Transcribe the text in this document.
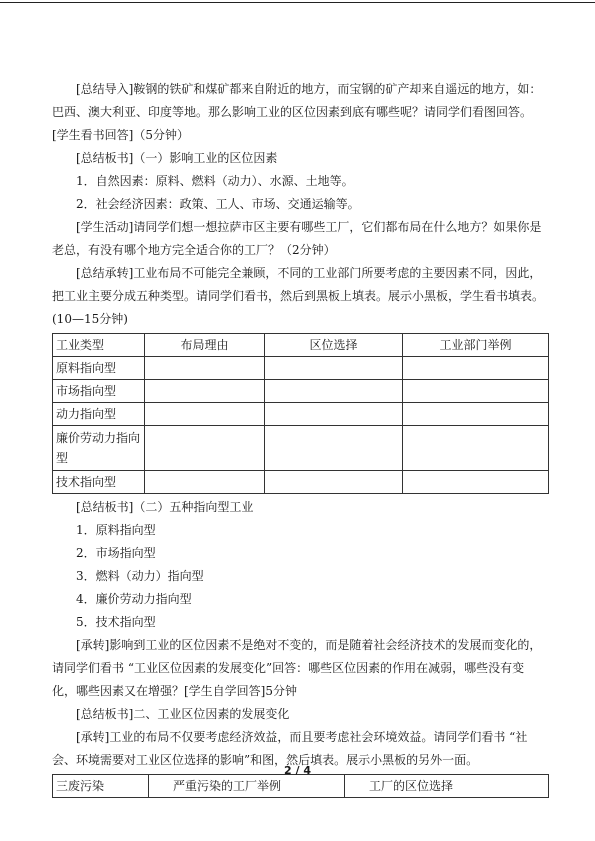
[总结导入]鞍钢的铁矿和煤矿都来自附近的地方，而宝钢的矿产却来自遥远的地方，如：巴西、澳大利亚、印度等地。那么影响工业的区位因素到底有哪些呢？请同学们看图回答。[学生看书回答]（5分钟）

[总结板书]（一）影响工业的区位因素

1．自然因素：原料、燃料（动力）、水源、土地等。

2．社会经济因素：政策、工人、市场、交通运输等。

[学生活动]请同学们想一想拉萨市区主要有哪些工厂，它们都布局在什么地方？如果你是老总，有没有哪个地方完全适合你的工厂？（2分钟）

[总结承转]工业布局不可能完全兼顾，不同的工业部门所要考虑的主要因素不同，因此，把工业主要分成五种类型。请同学们看书，然后到黑板上填表。展示小黑板，学生看书填表。(10—15分钟)

工业类型	布局理由	区位选择	工业部门举例
原料指向型			
市场指向型			
动力指向型			
廉价劳动力指向型			
技术指向型			

[总结板书]（二）五种指向型工业

1．原料指向型

2．市场指向型

3．燃料（动力）指向型

4．廉价劳动力指向型

5．技术指向型

[承转]影响到工业的区位因素不是绝对不变的，而是随着社会经济技术的发展而变化的，请同学们看书 “工业区位因素的发展变化”回答：哪些区位因素的作用在减弱，哪些没有变化，哪些因素又在增强？[学生自学回答]5分钟

[总结板书]二、工业区位因素的发展变化

[承转]工业的布局不仅要考虑经济效益，而且要考虑社会环境效益。请同学们看书 “社会、环境需要对工业区位选择的影响”和图，然后填表。展示小黑板的另外一面。

三废污染	严重污染的工厂举例	工厂的区位选择
2 / 4
